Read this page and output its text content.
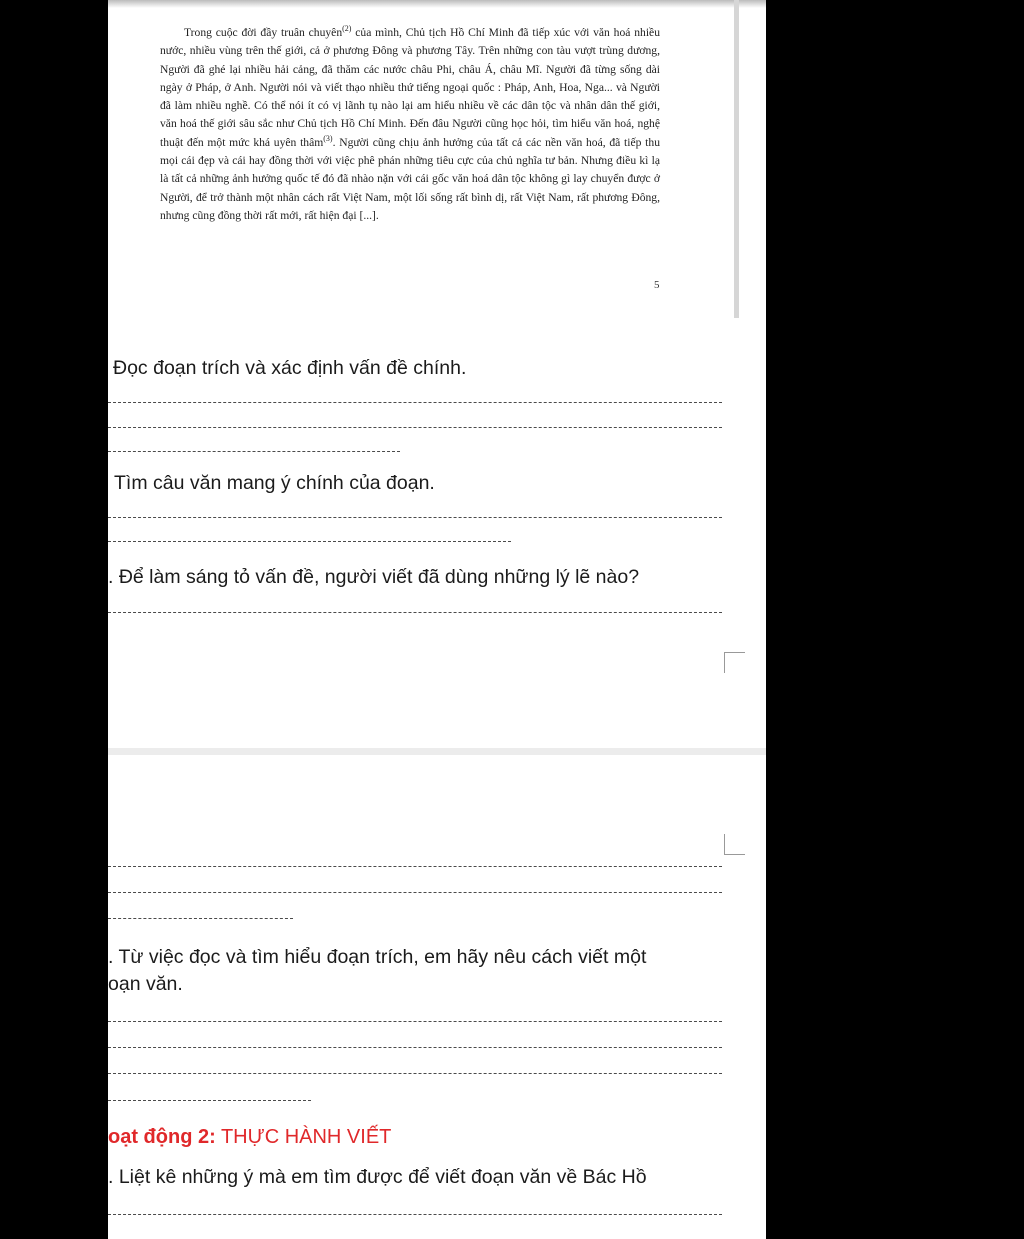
Trong cuộc đời đầy truân chuyên$^{(2)}$ của mình, Chủ tịch Hồ Chí Minh đã tiếp xúc với văn hoá nhiều nước, nhiều vùng trên thế giới, cả ở phương Đông và phương Tây. Trên những con tàu vượt trùng dương, Người đã ghé lại nhiều hải cảng, đã thăm các nước châu Phi, châu Á, châu Mĩ. Người đã từng sống dài ngày ở Pháp, ở Anh. Người nói và viết thạo nhiều thứ tiếng ngoại quốc : Pháp, Anh, Hoa, Nga... và Người đã làm nhiều nghề. Có thể nói ít có vị lãnh tụ nào lại am hiểu nhiều về các dân tộc và nhân dân thế giới, văn hoá thế giới sâu sắc như Chủ tịch Hồ Chí Minh. Đến đâu Người cũng học hỏi, tìm hiểu văn hoá, nghệ thuật đến một mức khá uyên thâm$^{(3)}$. Người cũng chịu ảnh hưởng của tất cả các nền văn hoá, đã tiếp thu mọi cái đẹp và cái hay đồng thời với việc phê phán những tiêu cực của chủ nghĩa tư bản. Nhưng điều kì lạ là tất cả những ảnh hưởng quốc tế đó đã nhào nặn với cái gốc văn hoá dân tộc không gì lay chuyển được ở Người, để trở thành một nhân cách rất Việt Nam, một lối sống rất bình dị, rất Việt Nam, rất phương Đông, nhưng cũng đồng thời rất mới, rất hiện đại [...].

5
Đọc đoạn trích và xác định vấn đề chính.
Tìm câu văn mang ý chính của đoạn.
. Để làm sáng tỏ vấn đề, người viết đã dùng những lý lẽ nào?
. Từ việc đọc và tìm hiểu đoạn trích, em hãy nêu cách viết một
oạn văn.
oạt động 2: THỰC HÀNH VIẾT
. Liệt kê những ý mà em tìm được để viết đoạn văn về Bác Hồ
